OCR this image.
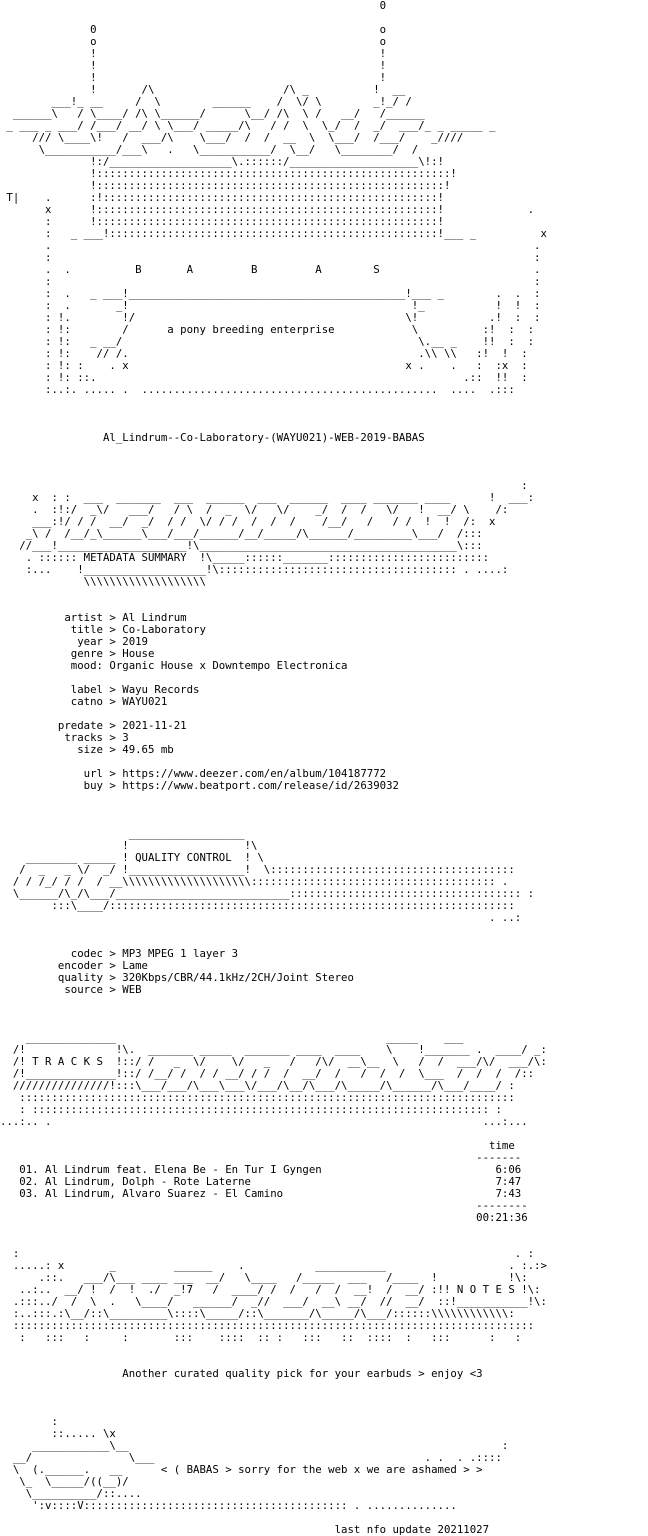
0
0                                            o
o                                            o
!                                            !
!                                            !
!                                            !
!       /\                    /\ _          !  __
___!_ __     /  \        ______    /  \/ \        _!_/ /
______\   / \____/ /\ \______/      \__/ /\  \ /   __/   /______
_ ___ _ ___/ /___/ __/ \ \___/ _____/\   / /  \  \_/  /  _/  ___/_ _ _____ _
/// \____\!   /  ___/\    \___/  /  /  __  \  \___/  /___/    _////
\___________/___\   .   \___________/  \__/   \________/  /
!:/___________________\.::::::/____________________\!:!
!:::::::::::::::::::::::::::::::::::::::::::::::::::::::!
!::::::::::::::::::::::::::::::::::::::::::::::::::::::!
T|    .      :!::::::::::::::::::::::::::::::::::::::::::::::::::::!
x      !:::::::::::::::::::::::::::::::::::::::::::::::::::::!             .
:      !:::::::::::::::::::::::::::::::::::::::::::::::::::::!
:   _ ___!:::::::::::::::::::::::::::::::::::::::::::::::::::!___ _          x
.                                                                           .
:                                                                           :
.  .          B       A         B         A        S                        .
:                                                                           :
:  .   _ ___!___________________________________________!___ _        .  .  :
:  .       _!                                            !_           !  !  :
: !.        !/                                          \!           .!  :  :
: !:        /      a pony breeding enterprise            \          :!  :  :
: !:   _ __/                                              \.__ _    !!  :  :
: !:    // /.                                             .\\ \\   :!  !  :
: !: :    . x                                           x .    .   :  :x  :
: !: ::.                                                         .::  !!  :
:..:. ..... .  ..............................................  ....  .:::
Al_Lindrum--Co-Laboratory-(WAYU021)-WEB-2019-BABAS
:
x  : :  ___  _______  ___  ______  ___  ______  ____ _______ ____      !  ___:
.  :!:/  _\/   ___/   / \  /  _  \/   \/    _/  /  /   \/   !  __/ \    /:
___:!/ / /  __/  _/  / /  \/ / /  /  /  /    /__/   /   / /  !  !  /:  x
_\ /  /__/_\______\___/___/______/__/_____/\______/_________\___/  /:::
//___!____________________!\________________________________________\:::
. :::::: METADATA SUMMARY  !\_____::::::_______:::::::::::::::::::::::::
:...    !___________________!\::::::::::::::::::::::::::::::::::::: . ....:
\\\\\\\\\\\\\\\\\\\
artist > Al Lindrum
title > Co-Laboratory
year > 2019
genre > House
mood: Organic House x Downtempo Electronica
label > Wayu Records
catno > WAYU021
predate > 2021-11-21
tracks > 3
size > 49.65 mb
url > https://www.deezer.com/en/album/104187772
buy > https://www.beatport.com/release/id/2639032
__________________
!                  !\
________ _____ ! QUALITY CONTROL  ! \
/  _   _ \/  _/ !__________________!  \::::::::::::::::::::::::::::::::::::::
/ / /_/ / /  / __\\\\\\\\\\\\\\\\\\\\:::::::::::::::::::::::::::::::::::::: .
\______/\_/\___/___________________________:::::::::::::::::::::::::::::::::::: :
:::\____/:::::::::::::::::::::::::::::::::::::::::::::::::::::::::::::::
. ..:
codec > MP3 MPEG 1 layer 3
encoder > Lame
quality > 320Kbps/CBR/44.1kHz/2CH/Joint Stereo
source > WEB
______________                                          _____    ___
/!              !\.  _______ _____  _______ ____  ____    \    !_______ .  ____/ _:
/! T R A C K S  !::/ /   _  \/    \/   _   /   /\/  __\__  \   /  /  ___/\/  ___/\:
/!______________!::/ /__/ /  / / __/ / /  /  __/  /   /  /  /  \___  /  /  /  /::
///////////////!:::\___/___/\___\___\/___/\__/\___/\_____/\______/\___/____/ :
:::::::::::::::::::::::::::::::::::::::::::::::::::::::::::::::::::::::::::::
: ::::::::::::::::::::::::::::::::::::::::::::::::::::::::::::::::::::::: :
...:.. .                                                                   ...:...
time
-------
01. Al Lindrum feat. Elena Be - En Tur I Gyngen                           6:06
02. Al Lindrum, Dolph - Rote Laterne                                      7:47
03. Al Lindrum, Alvaro Suarez - El Camino                                 7:43
--------
00:21:36
:                                                                             . :
.....: x       _         ______    .           ___________                   . :.:>
.::.   ___/\___ ____ ___  __/   \____   /_____  ___   /____  !           !\:
..:..  __/ !  /  !  ./  _!7   /  ____/ /  /   /  /  __!  /  __/ :!! N O T E S !\:
.:::../  /  \  .   \____/   ______/  _//  ___/  __\ __/  //  __/  ::!___________!\:
:..:::.:\__/::\_________\::::\_____/::\_______/\_____/\___/::::::\\\\\\\\\\\\:
:::::::::::::::::::::::::::::::::::::::::::::::::::::::::::::::::::::::::::::::::
:   :::   :     :       :::    ::::  :: :   :::   ::  ::::  :   :::      :   :
Another curated quality pick for your earbuds > enjoy <3
:
::..... \x
____________\__                                                          :
__/               \___                                          . .  . .::::
\  (.______.   __      < ( BABAS > sorry for the web x we are ashamed > >
\_  \_____/((__)/
\__________/::....
':v::::V::::::::::::::::::::::::::::::::::::::::: . ..............
last nfo update 20211027
